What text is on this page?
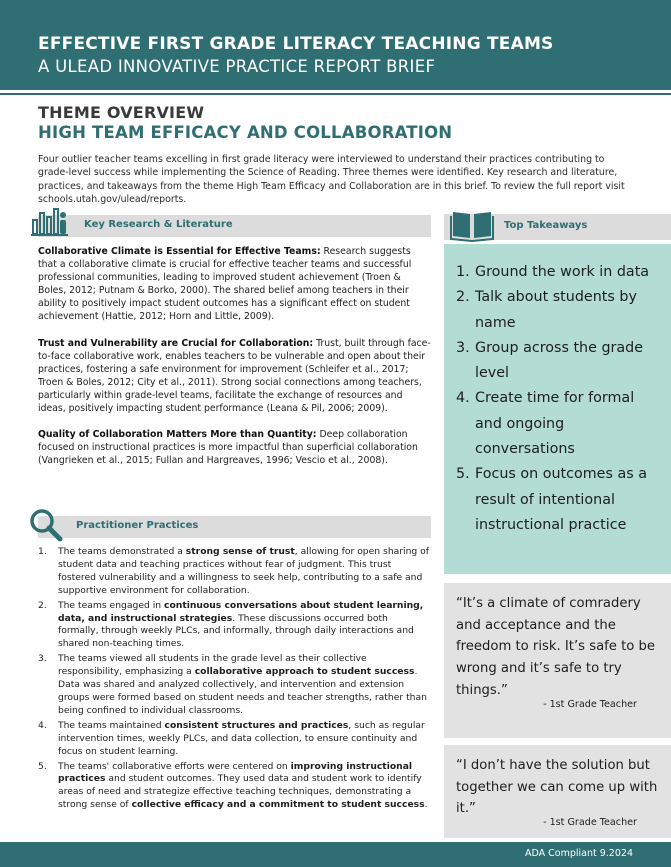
EFFECTIVE FIRST GRADE LITERACY TEACHING TEAMS
A ULEAD INNOVATIVE PRACTICE REPORT BRIEF
THEME OVERVIEW
HIGH TEAM EFFICACY AND COLLABORATION
Four outlier teacher teams excelling in first grade literacy were interviewed to understand their practices contributing to grade-level success while implementing the Science of Reading. Three themes were identified. Key research and literature, practices, and takeaways from the theme High Team Efficacy and Collaboration are in this brief. To review the full report visit schools.utah.gov/ulead/reports.
Key Research & Literature

Collaborative Climate is Essential for Effective Teams: Research suggests that a collaborative climate is crucial for effective teacher teams and successful professional communities, leading to improved student achievement (Troen & Boles, 2012; Putnam & Borko, 2000). The shared belief among teachers in their ability to positively impact student outcomes has a significant effect on student achievement (Hattie, 2012; Horn and Little, 2009).

Trust and Vulnerability are Crucial for Collaboration: Trust, built through face-to-face collaborative work, enables teachers to be vulnerable and open about their practices, fostering a safe environment for improvement (Schleifer et al., 2017; Troen & Boles, 2012; City et al., 2011). Strong social connections among teachers, particularly within grade-level teams, facilitate the exchange of resources and ideas, positively impacting student performance (Leana & Pil, 2006; 2009).

Quality of Collaboration Matters More than Quantity: Deep collaboration focused on instructional practices is more impactful than superficial collaboration (Vangrieken et al., 2015; Fullan and Hargreaves, 1996; Vescio et al., 2008).

Practitioner Practices
1. The teams demonstrated a strong sense of trust, allowing for open sharing of student data and teaching practices without fear of judgment. This trust fostered vulnerability and a willingness to seek help, contributing to a safe and supportive environment for collaboration.
2. The teams engaged in continuous conversations about student learning, data, and instructional strategies. These discussions occurred both formally, through weekly PLCs, and informally, through daily interactions and shared non-teaching times.
3. The teams viewed all students in the grade level as their collective responsibility, emphasizing a collaborative approach to student success. Data was shared and analyzed collectively, and intervention and extension groups were formed based on student needs and teacher strengths, rather than being confined to individual classrooms.
4. The teams maintained consistent structures and practices, such as regular intervention times, weekly PLCs, and data collection, to ensure continuity and focus on student learning.
5. The teams' collaborative efforts were centered on improving instructional practices and student outcomes. They used data and student work to identify areas of need and strategize effective teaching techniques, demonstrating a strong sense of collective efficacy and a commitment to student success.
Top Takeaways
1. Ground the work in data
2. Talk about students by name
3. Group across the grade level
4. Create time for formal and ongoing conversations
5. Focus on outcomes as a result of intentional instructional practice
“It’s a climate of comradery and acceptance and the freedom to risk. It’s safe to be wrong and it’s safe to try things.”
- 1st Grade Teacher
“I don’t have the solution but together we can come up with it.”
- 1st Grade Teacher
ADA Compliant 9.2024
